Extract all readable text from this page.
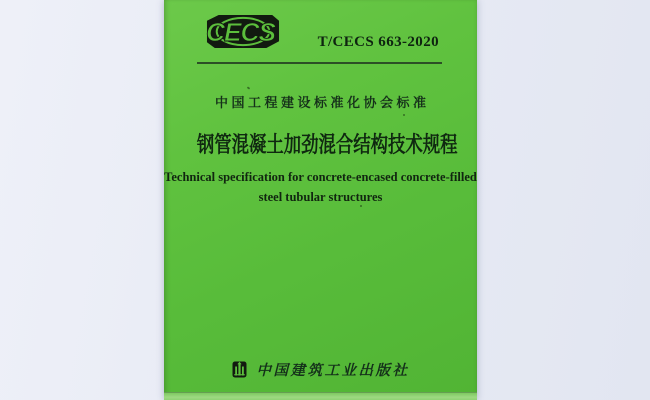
CECS	T/CECS 663-2020
中国工程建设标准化协会标准
钢管混凝土加劲混合结构技术规程
Technical specification for concrete-encased concrete-filled
steel tubular structures
中国建筑工业出版社
